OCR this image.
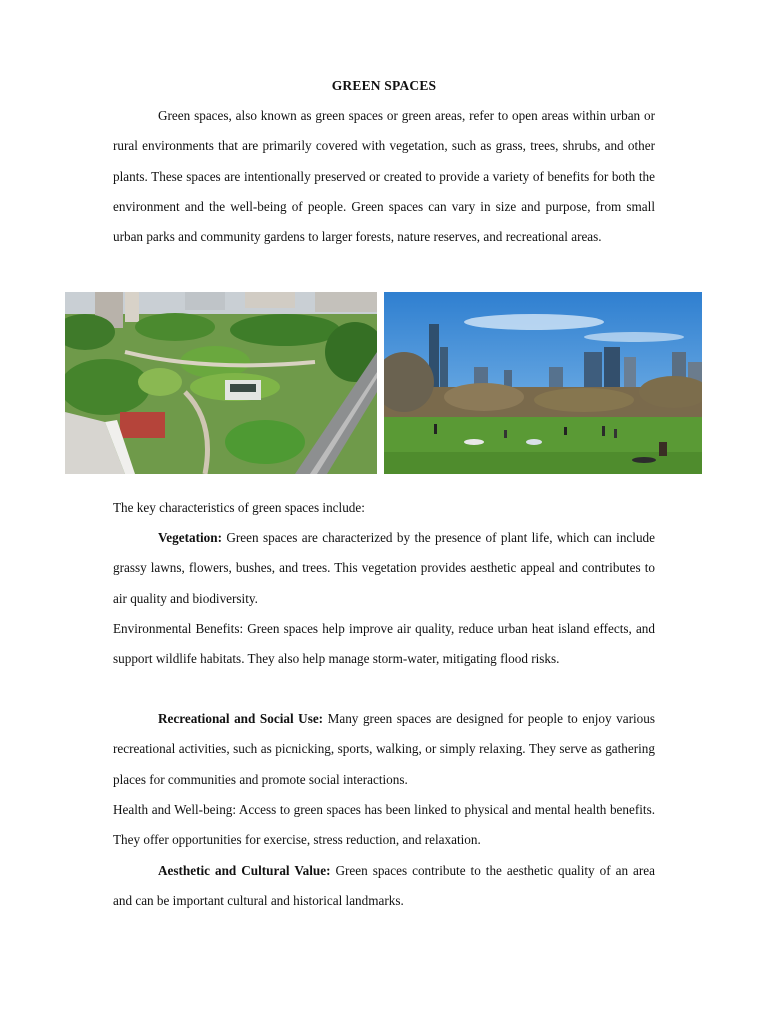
GREEN SPACES

Green spaces, also known as green spaces or green areas, refer to open areas within urban or rural environments that are primarily covered with vegetation, such as grass, trees, shrubs, and other plants. These spaces are intentionally preserved or created to provide a variety of benefits for both the environment and the well-being of people. Green spaces can vary in size and purpose, from small urban parks and community gardens to larger forests, nature reserves, and recreational areas.

The key characteristics of green spaces include:

Vegetation: Green spaces are characterized by the presence of plant life, which can include grassy lawns, flowers, bushes, and trees. This vegetation provides aesthetic appeal and contributes to air quality and biodiversity.

Environmental Benefits: Green spaces help improve air quality, reduce urban heat island effects, and support wildlife habitats. They also help manage storm-water, mitigating flood risks.

Recreational and Social Use: Many green spaces are designed for people to enjoy various recreational activities, such as picnicking, sports, walking, or simply relaxing. They serve as gathering places for communities and promote social interactions.

Health and Well-being: Access to green spaces has been linked to physical and mental health benefits. They offer opportunities for exercise, stress reduction, and relaxation.

Aesthetic and Cultural Value: Green spaces contribute to the aesthetic quality of an area and can be important cultural and historical landmarks.
